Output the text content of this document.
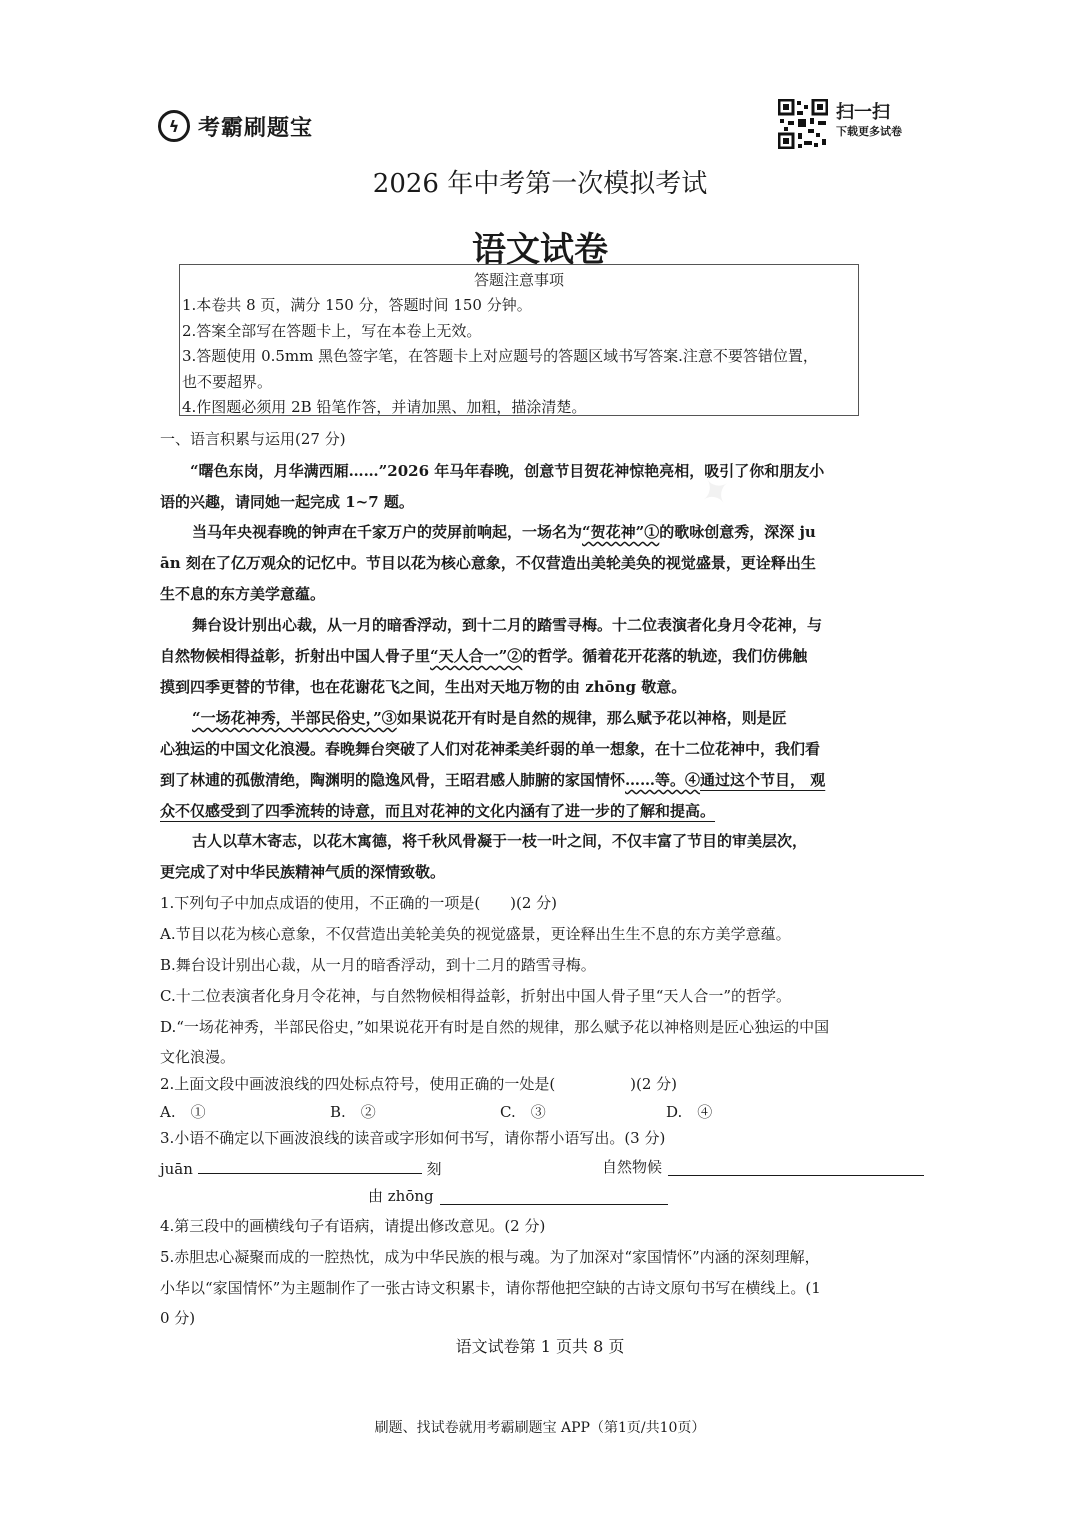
✦
ϟ 考霸刷题宝
扫一扫
下载更多试卷
2026 年中考第一次模拟考试
语文试卷
答题注意事项
1.本卷共 8 页，满分 150 分，答题时间 150 分钟。
2.答案全部写在答题卡上，写在本卷上无效。
3.答题使用 0.5mm 黑色签字笔，在答题卡上对应题号的答题区域书写答案.注意不要答错位置，
也不要超界。
4.作图题必须用 2B 铅笔作答，并请加黑、加粗，描涂清楚。
一、语言积累与运用(27 分)
“曙色东岗，月华满西厢……”2026 年马年春晚，创意节目贺花神惊艳亮相，吸引了你和朋友小
语的兴趣，请同她一起完成 1~7 题。
当马年央视春晚的钟声在千家万户的荧屏前响起，一场名为“贺花神”①的歌咏创意秀，深深 ju
ān 刻在了亿万观众的记忆中。节目以花为核心意象，不仅营造出美轮美奂的视觉盛景，更诠释出生
生不息的东方美学意蕴。
舞台设计别出心裁，从一月的暗香浮动，到十二月的踏雪寻梅。十二位表演者化身月令花神，与
自然物候相得益彰，折射出中国人骨子里“天人合一”②的哲学。循着花开花落的轨迹，我们仿佛触
摸到四季更替的节律，也在花谢花飞之间，生出对天地万物的由 zhōng 敬意。
“一场花神秀，半部民俗史，”③如果说花开有时是自然的规律，那么赋予花以神格，则是匠
心独运的中国文化浪漫。春晚舞台突破了人们对花神柔美纤弱的单一想象，在十二位花神中，我们看
到了林逋的孤傲清绝，陶渊明的隐逸风骨，王昭君感人肺腑的家国情怀……等。④通过这个节目， 观
众不仅感受到了四季流转的诗意，而且对花神的文化内涵有了进一步的了解和提高。
古人以草木寄志，以花木寓德，将千秋风骨凝于一枝一叶之间，不仅丰富了节目的审美层次，
更完成了对中华民族精神气质的深情致敬。
1.下列句子中加点成语的使用，不正确的一项是(　　)(2 分)
A.节目以花为核心意象，不仅营造出美轮美奂的视觉盛景，更诠释出生生不息的东方美学意蕴。
B.舞台设计别出心裁，从一月的暗香浮动，到十二月的踏雪寻梅。
C.十二位表演者化身月令花神，与自然物候相得益彰，折射出中国人骨子里“天人合一”的哲学。
D.“一场花神秀，半部民俗史，”如果说花开有时是自然的规律，那么赋予花以神格则是匠心独运的中国
文化浪漫。
2.上面文段中画波浪线的四处标点符号，使用正确的一处是(　　　　　)(2 分)
A.　①	B.　②	C.　③	D.　④
3.小语不确定以下画波浪线的读音或字形如何书写，请你帮小语写出。(3 分)
juān	刻	自然物候
由 zhōng
4.第三段中的画横线句子有语病，请提出修改意见。(2 分)
5.赤胆忠心凝聚而成的一腔热忱，成为中华民族的根与魂。为了加深对“家国情怀”内涵的深刻理解，
小华以“家国情怀”为主题制作了一张古诗文积累卡，请你帮他把空缺的古诗文原句书写在横线上。(1
0 分)
语文试卷第 1 页共 8 页
刷题、找试卷就用考霸刷题宝 APP（第1页/共10页）
